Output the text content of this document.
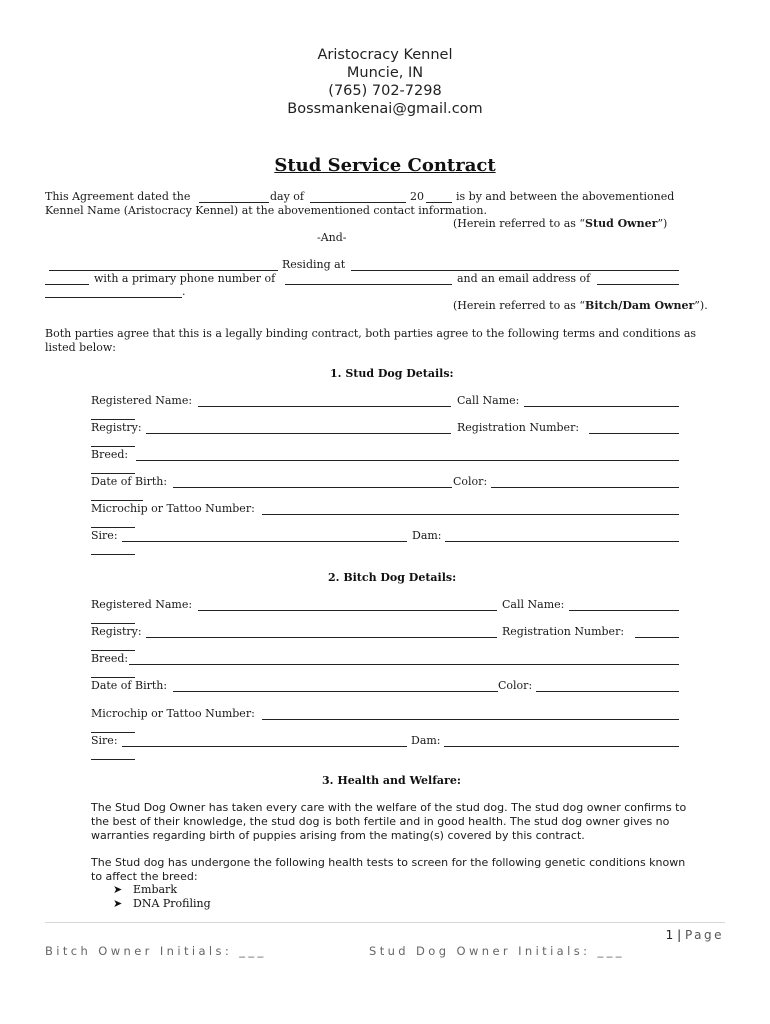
Aristocracy Kennel
Muncie, IN
(765) 702-7298
Bossmankenai@gmail.com
Stud Service Contract
This Agreement dated the	day of	20	is by and between the abovementioned
Kennel Name (Aristocracy Kennel) at the abovementioned contact information.
(Herein referred to as “Stud Owner”)
-And-
Residing at
with a primary phone number of	and an email address of
.
(Herein referred to as “Bitch/Dam Owner”).
Both parties agree that this is a legally binding contract, both parties agree to the following terms and conditions as
listed below:
1. Stud Dog Details:
Registered Name:	Call Name:
Registry:	Registration Number:
Breed:
Date of Birth:	Color:
Microchip or Tattoo Number:
Sire:	Dam:
2. Bitch Dog Details:
Registered Name:	Call Name:
Registry:	Registration Number:
Breed:
Date of Birth:	Color:
Microchip or Tattoo Number:
Sire:	Dam:
3. Health and Welfare:
The Stud Dog Owner has taken every care with the welfare of the stud dog. The stud dog owner confirms to
the best of their knowledge, the stud dog is both fertile and in good health. The stud dog owner gives no
warranties regarding birth of puppies arising from the mating(s) covered by this contract.
The Stud dog has undergone the following health tests to screen for the following genetic conditions known
to affect the breed:
➤ Embark
➤ DNA Profiling
1 | Page
Bitch Owner Initials: ___	Stud Dog Owner Initials: ___
